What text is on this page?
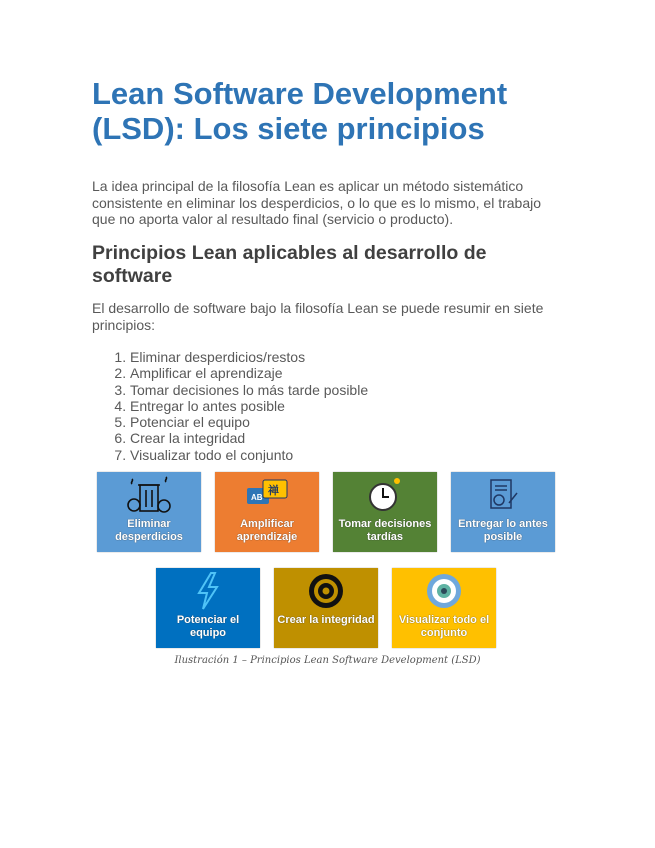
Lean Software Development (LSD): Los siete principios

La idea principal de la filosofía Lean es aplicar un método sistemático consistente en eliminar los desperdicios, o lo que es lo mismo, el trabajo que no aporta valor al resultado final (servicio o producto).

Principios Lean aplicables al desarrollo de software

El desarrollo de software bajo la filosofía Lean se puede resumir en siete principios:

1. Eliminar desperdicios/restos
2. Amplificar el aprendizaje
3. Tomar decisiones lo más tarde posible
4. Entregar lo antes posible
5. Potenciar el equipo
6. Crear la integridad
7. Visualizar todo el conjunto
Eliminar desperdicios
AB
禅
Amplificar aprendizaje
Tomar decisiones tardías
Entregar lo antes posible
Potenciar el equipo
Crear la integridad	Visualizar todo el conjunto
Ilustración 1 – Principios Lean Software Development (LSD)
